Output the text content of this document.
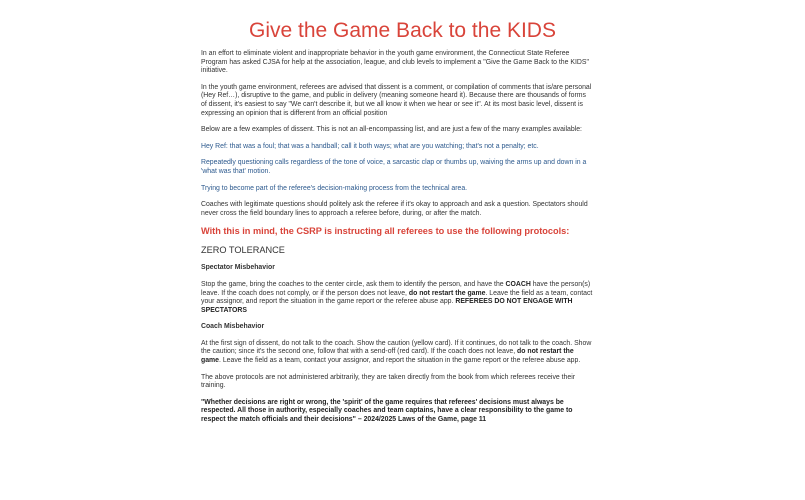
Give the Game Back to the KIDS

In an effort to eliminate violent and inappropriate behavior in the youth game environment, the Connecticut State Referee Program has asked CJSA for help at the association, league, and club levels to implement a "Give the Game Back to the KIDS" initiative.

In the youth game environment, referees are advised that dissent is a comment, or compilation of comments that is/are personal (Hey Ref…), disruptive to the game, and public in delivery (meaning someone heard it). Because there are thousands of forms of dissent, it's easiest to say "We can't describe it, but we all know it when we hear or see it". At its most basic level, dissent is expressing an opinion that is different from an official position

Below are a few examples of dissent. This is not an all-encompassing list, and are just a few of the many examples available:

Hey Ref: that was a foul; that was a handball; call it both ways; what are you watching; that's not a penalty; etc.

Repeatedly questioning calls regardless of the tone of voice, a sarcastic clap or thumbs up, waiving the arms up and down in a 'what was that' motion.

Trying to become part of the referee's decision-making process from the technical area.

Coaches with legitimate questions should politely ask the referee if it's okay to approach and ask a question. Spectators should never cross the field boundary lines to approach a referee before, during, or after the match.

With this in mind, the CSRP is instructing all referees to use the following protocols:

ZERO TOLERANCE

Spectator Misbehavior

Stop the game, bring the coaches to the center circle, ask them to identify the person, and have the COACH have the person(s) leave. If the coach does not comply, or if the person does not leave, do not restart the game. Leave the field as a team, contact your assignor, and report the situation in the game report or the referee abuse app. REFEREES DO NOT ENGAGE WITH SPECTATORS

Coach Misbehavior

At the first sign of dissent, do not talk to the coach. Show the caution (yellow card). If it continues, do not talk to the coach. Show the caution; since it's the second one, follow that with a send-off (red card). If the coach does not leave, do not restart the game. Leave the field as a team, contact your assignor, and report the situation in the game report or the referee abuse app.

The above protocols are not administered arbitrarily, they are taken directly from the book from which referees receive their training.

"Whether decisions are right or wrong, the 'spirit' of the game requires that referees' decisions must always be respected. All those in authority, especially coaches and team captains, have a clear responsibility to the game to respect the match officials and their decisions" – 2024/2025 Laws of the Game, page 11
